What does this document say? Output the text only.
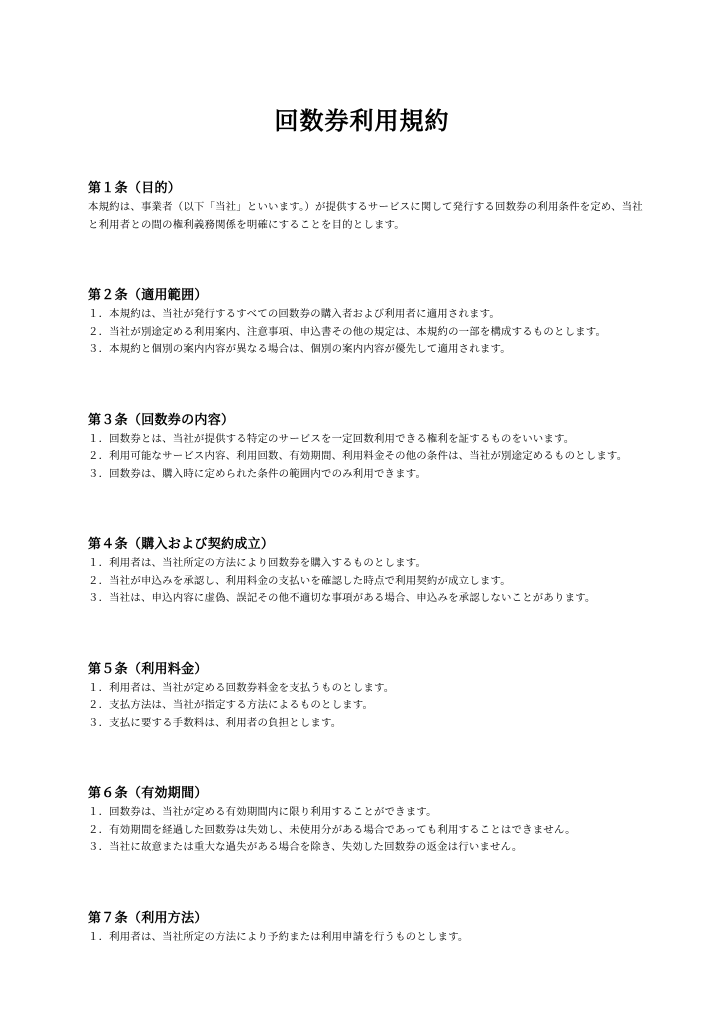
回数券利用規約
第１条（目的）

本規約は、事業者（以下「当社」といいます。）が提供するサービスに関して発行する回数券の利用条件を定め、当社と利用者との間の権利義務関係を明確にすることを目的とします。

第２条（適用範囲）

１．本規約は、当社が発行するすべての回数券の購入者および利用者に適用されます。

２．当社が別途定める利用案内、注意事項、申込書その他の規定は、本規約の一部を構成するものとします。

３．本規約と個別の案内内容が異なる場合は、個別の案内内容が優先して適用されます。

第３条（回数券の内容）

１．回数券とは、当社が提供する特定のサービスを一定回数利用できる権利を証するものをいいます。

２．利用可能なサービス内容、利用回数、有効期間、利用料金その他の条件は、当社が別途定めるものとします。

３．回数券は、購入時に定められた条件の範囲内でのみ利用できます。

第４条（購入および契約成立）

１．利用者は、当社所定の方法により回数券を購入するものとします。

２．当社が申込みを承認し、利用料金の支払いを確認した時点で利用契約が成立します。

３．当社は、申込内容に虚偽、誤記その他不適切な事項がある場合、申込みを承認しないことがあります。

第５条（利用料金）

１．利用者は、当社が定める回数券料金を支払うものとします。

２．支払方法は、当社が指定する方法によるものとします。

３．支払に要する手数料は、利用者の負担とします。

第６条（有効期間）

１．回数券は、当社が定める有効期間内に限り利用することができます。

２．有効期間を経過した回数券は失効し、未使用分がある場合であっても利用することはできません。

３．当社に故意または重大な過失がある場合を除き、失効した回数券の返金は行いません。

第７条（利用方法）

１．利用者は、当社所定の方法により予約または利用申請を行うものとします。
